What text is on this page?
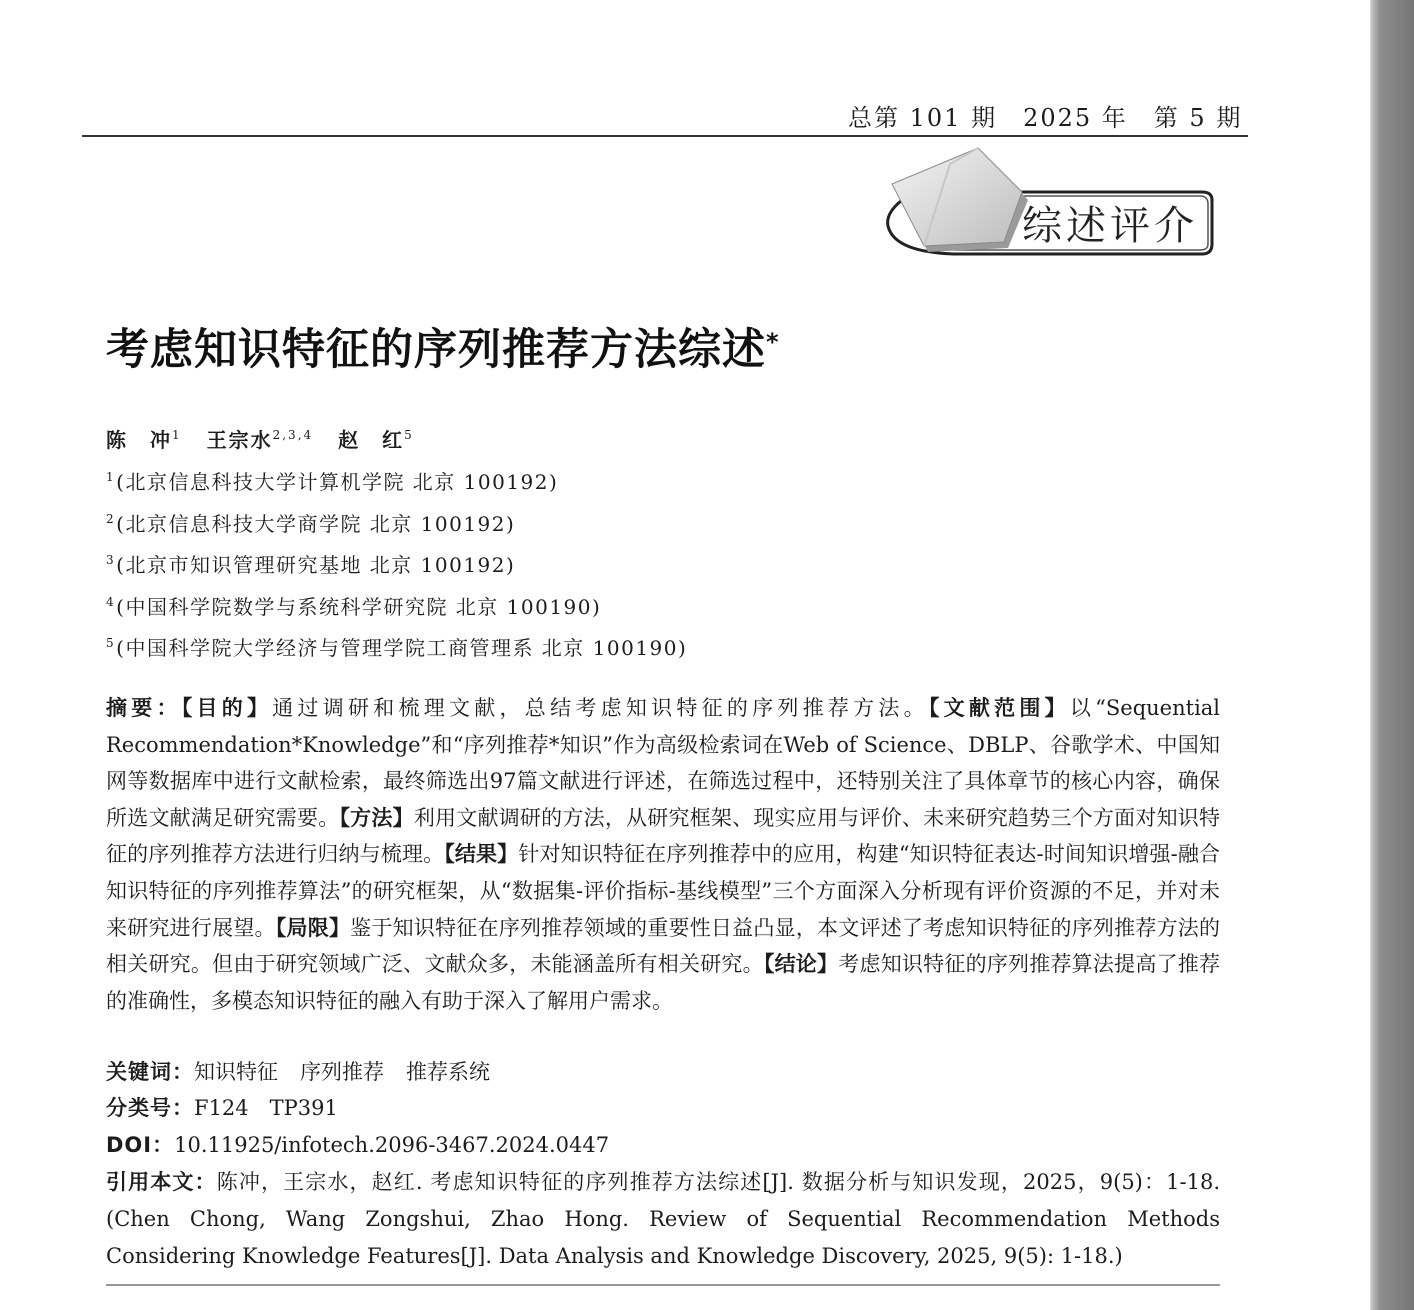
总第 101 期 2025 年 第 5 期

综述评介

考虑知识特征的序列推荐方法综述*

陈　冲$^1$ 王宗水$^{2,3,4}$ 赵　红$^5$

$^1$(北京信息科技大学计算机学院 北京 100192)
$^2$(北京信息科技大学商学院 北京 100192)
$^3$(北京市知识管理研究基地 北京 100192)
$^4$(中国科学院数学与系统科学研究院 北京 100190)
$^5$(中国科学院大学经济与管理学院工商管理系 北京 100190)

摘要：【目的】通过调研和梳理文献，总结考虑知识特征的序列推荐方法。【文献范围】以“Sequential Recommendation*Knowledge”和“序列推荐*知识”作为高级检索词在Web of Science、DBLP、谷歌学术、中国知网等数据库中进行文献检索，最终筛选出97篇文献进行评述，在筛选过程中，还特别关注了具体章节的核心内容，确保所选文献满足研究需要。【方法】利用文献调研的方法，从研究框架、现实应用与评价、未来研究趋势三个方面对知识特征的序列推荐方法进行归纳与梳理。【结果】针对知识特征在序列推荐中的应用，构建“知识特征表达-时间知识增强-融合知识特征的序列推荐算法”的研究框架，从“数据集-评价指标-基线模型”三个方面深入分析现有评价资源的不足，并对未来研究进行展望。【局限】鉴于知识特征在序列推荐领域的重要性日益凸显，本文评述了考虑知识特征的序列推荐方法的相关研究。但由于研究领域广泛、文献众多，未能涵盖所有相关研究。【结论】考虑知识特征的序列推荐算法提高了推荐的准确性，多模态知识特征的融入有助于深入了解用户需求。

关键词：知识特征 序列推荐 推荐系统

分类号：F124　TP391

DOI：10.11925/infotech.2096-3467.2024.0447

引用本文：陈冲，王宗水，赵红. 考虑知识特征的序列推荐方法综述[J]. 数据分析与知识发现，2025，9(5)：1-18.(Chen Chong, Wang Zongshui, Zhao Hong. Review of Sequential Recommendation Methods Considering Knowledge Features[J]. Data Analysis and Knowledge Discovery, 2025, 9(5): 1-18.)
